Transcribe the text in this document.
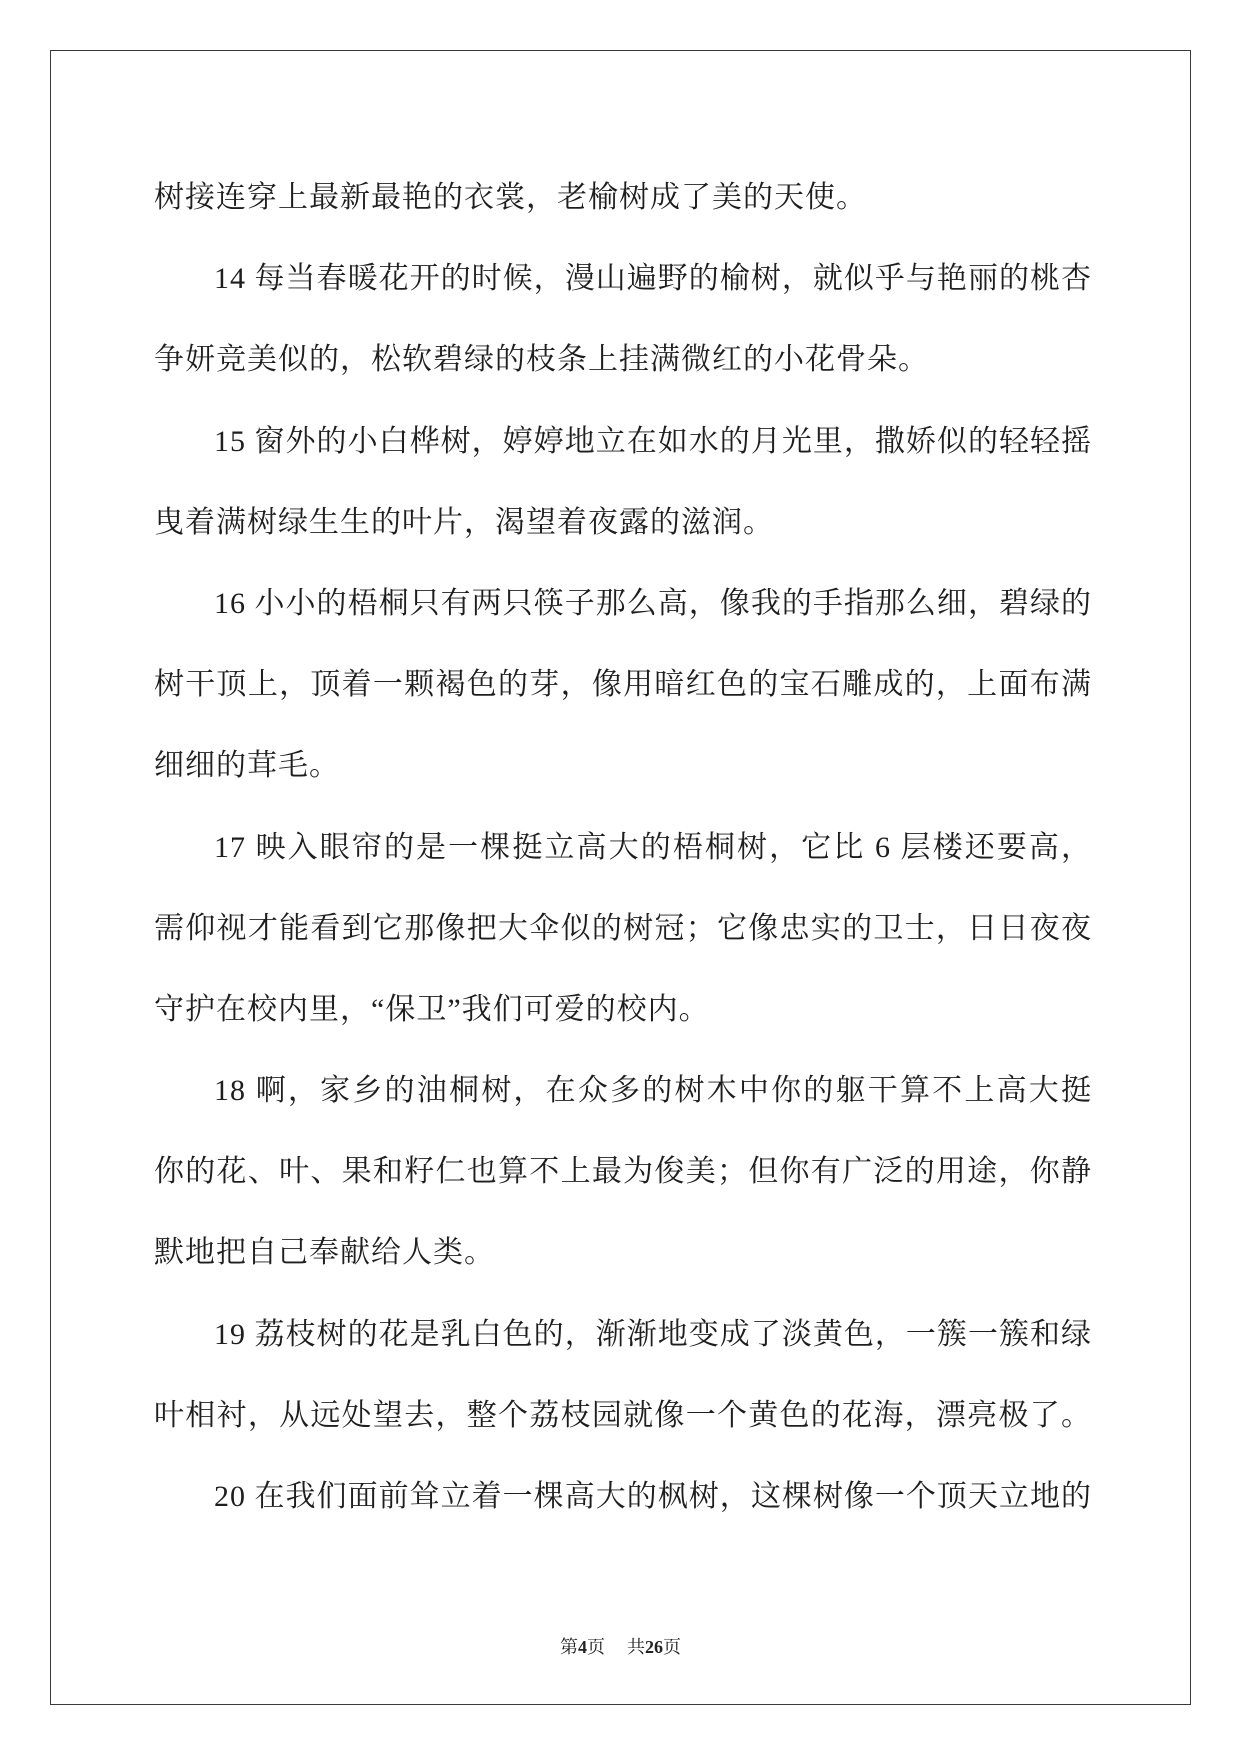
树接连穿上最新最艳的衣裳，老榆树成了美的天使。
14 每当春暖花开的时候，漫山遍野的榆树，就似乎与艳丽的桃杏
争妍竞美似的，松软碧绿的枝条上挂满微红的小花骨朵。
15 窗外的小白桦树，婷婷地立在如水的月光里，撒娇似的轻轻摇
曳着满树绿生生的叶片，渴望着夜露的滋润。
16 小小的梧桐只有两只筷子那么高，像我的手指那么细，碧绿的
树干顶上，顶着一颗褐色的芽，像用暗红色的宝石雕成的，上面布满
细细的茸毛。
17 映入眼帘的是一棵挺立高大的梧桐树，它比 6 层楼还要高，
需仰视才能看到它那像把大伞似的树冠；它像忠实的卫士，日日夜夜
守护在校内里，“保卫”我们可爱的校内。
18 啊，家乡的油桐树，在众多的树木中你的躯干算不上高大挺
你的花、叶、果和籽仁也算不上最为俊美；但你有广泛的用途，你静
默地把自己奉献给人类。
19 荔枝树的花是乳白色的，渐渐地变成了淡黄色，一簇一簇和绿
叶相衬，从远处望去，整个荔枝园就像一个黄色的花海，漂亮极了。
20 在我们面前耸立着一棵高大的枫树，这棵树像一个顶天立地的
第4页 共26页
